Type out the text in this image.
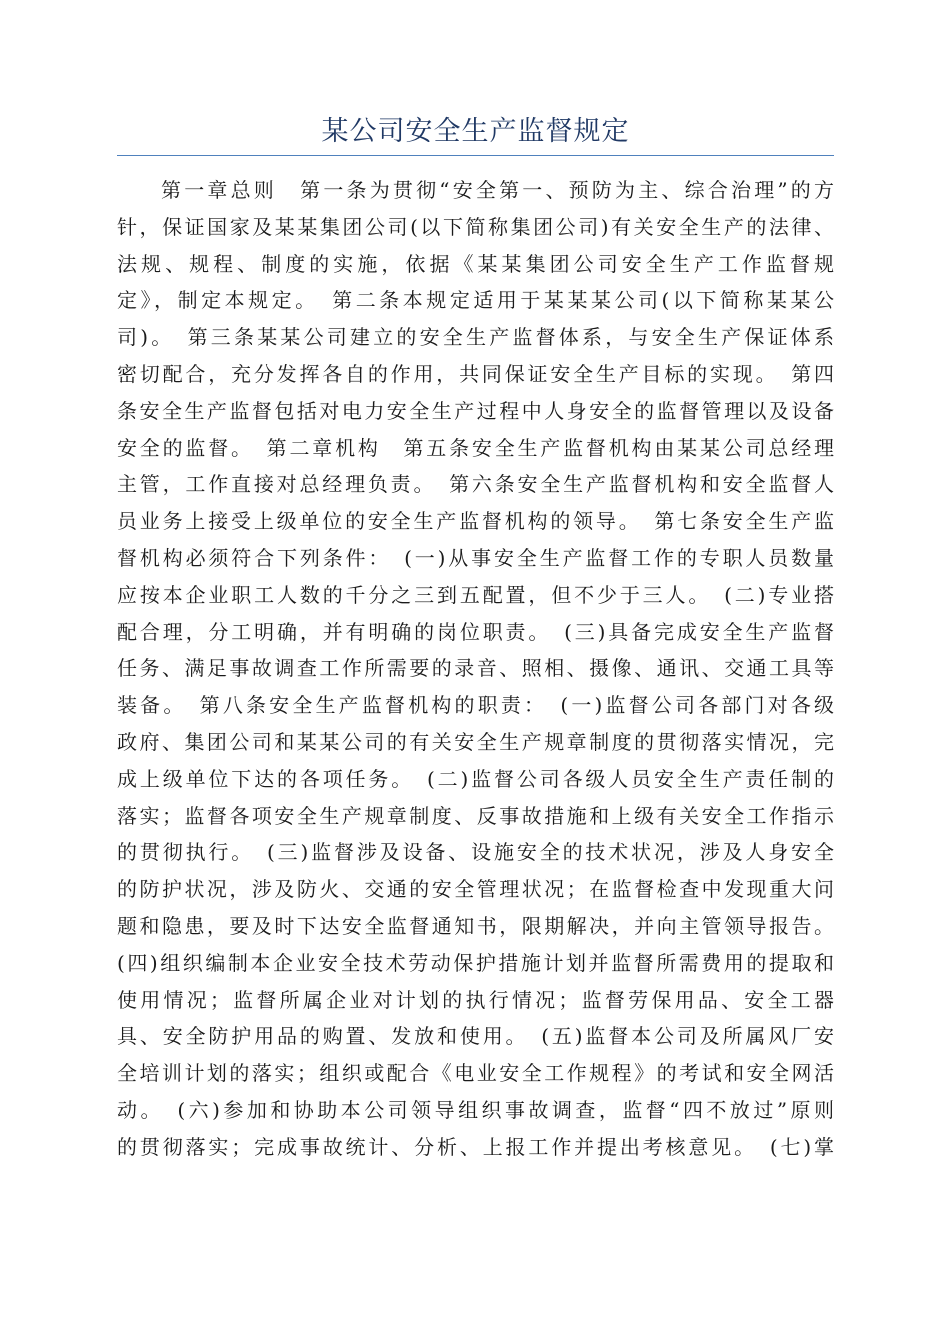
某公司安全生产监督规定
第一章总则　第一条为贯彻“安全第一、预防为主、综合治理”的方
针，保证国家及某某集团公司(以下简称集团公司)有关安全生产的法律、
法规、规程、制度的实施，依据《某某集团公司安全生产工作监督规
定》，制定本规定。　第二条本规定适用于某某某公司(以下简称某某公
司)。　第三条某某公司建立的安全生产监督体系，与安全生产保证体系
密切配合，充分发挥各自的作用，共同保证安全生产目标的实现。　第四
条安全生产监督包括对电力安全生产过程中人身安全的监督管理以及设备
安全的监督。　第二章机构　第五条安全生产监督机构由某某公司总经理
主管，工作直接对总经理负责。　第六条安全生产监督机构和安全监督人
员业务上接受上级单位的安全生产监督机构的领导。　第七条安全生产监
督机构必须符合下列条件：　(一)从事安全生产监督工作的专职人员数量
应按本企业职工人数的千分之三到五配置，但不少于三人。　(二)专业搭
配合理，分工明确，并有明确的岗位职责。　(三)具备完成安全生产监督
任务、满足事故调查工作所需要的录音、照相、摄像、通讯、交通工具等
装备。　第八条安全生产监督机构的职责：　(一)监督公司各部门对各级
政府、集团公司和某某公司的有关安全生产规章制度的贯彻落实情况，完
成上级单位下达的各项任务。　(二)监督公司各级人员安全生产责任制的
落实；监督各项安全生产规章制度、反事故措施和上级有关安全工作指示
的贯彻执行。　(三)监督涉及设备、设施安全的技术状况，涉及人身安全
的防护状况，涉及防火、交通的安全管理状况；在监督检查中发现重大问
题和隐患，要及时下达安全监督通知书，限期解决，并向主管领导报告。
(四)组织编制本企业安全技术劳动保护措施计划并监督所需费用的提取和
使用情况；监督所属企业对计划的执行情况；监督劳保用品、安全工器
具、安全防护用品的购置、发放和使用。　(五)监督本公司及所属风厂安
全培训计划的落实；组织或配合《电业安全工作规程》的考试和安全网活
动。　(六)参加和协助本公司领导组织事故调查，监督“四不放过”原则
的贯彻落实；完成事故统计、分析、上报工作并提出考核意见。　(七)掌
